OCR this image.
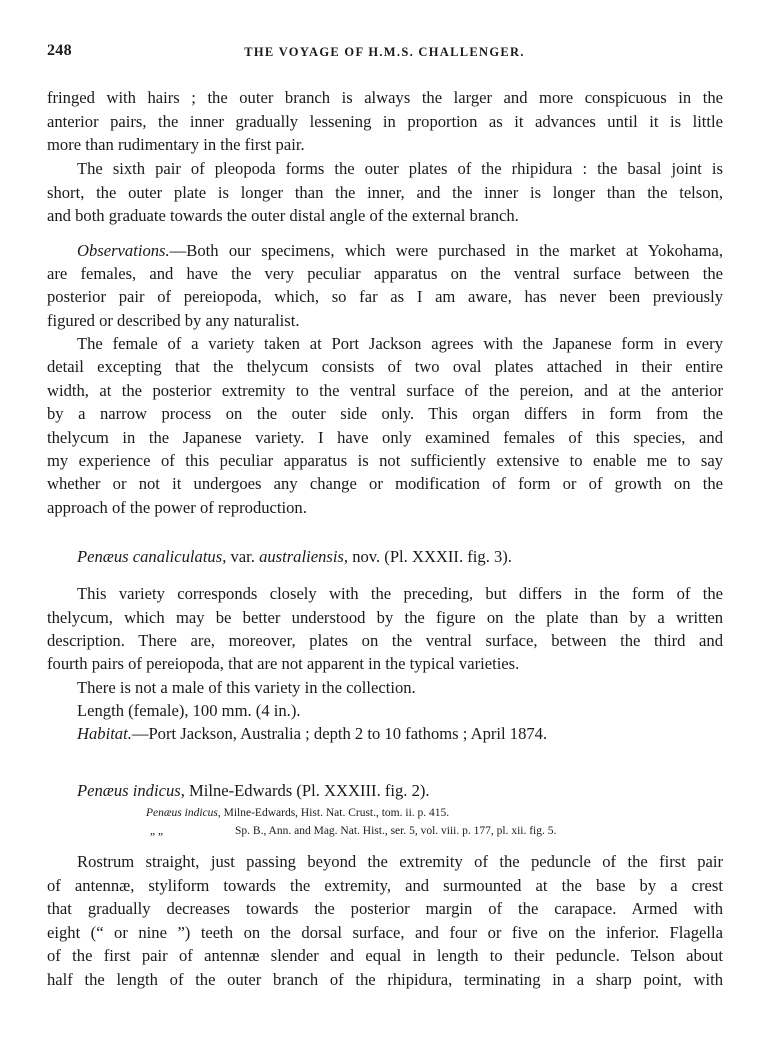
248	THE VOYAGE OF H.M.S. CHALLENGER.
fringed with hairs ; the outer branch is always the larger and more conspicuous in the
anterior pairs, the inner gradually lessening in proportion as it advances until it is little
more than rudimentary in the first pair.
The sixth pair of pleopoda forms the outer plates of the rhipidura : the basal joint is
short, the outer plate is longer than the inner, and the inner is longer than the telson,
and both graduate towards the outer distal angle of the external branch.
Observations.—Both our specimens, which were purchased in the market at Yokohama,
are females, and have the very peculiar apparatus on the ventral surface between the
posterior pair of pereiopoda, which, so far as I am aware, has never been previously
figured or described by any naturalist.
The female of a variety taken at Port Jackson agrees with the Japanese form in every
detail excepting that the thelycum consists of two oval plates attached in their entire
width, at the posterior extremity to the ventral surface of the pereion, and at the anterior
by a narrow process on the outer side only. This organ differs in form from the
thelycum in the Japanese variety. I have only examined females of this species, and
my experience of this peculiar apparatus is not sufficiently extensive to enable me to say
whether or not it undergoes any change or modification of form or of growth on the
approach of the power of reproduction.
Penæus canaliculatus, var. australiensis, nov. (Pl. XXXII. fig. 3).
This variety corresponds closely with the preceding, but differs in the form of the
thelycum, which may be better understood by the figure on the plate than by a written
description. There are, moreover, plates on the ventral surface, between the third and
fourth pairs of pereiopoda, that are not apparent in the typical varieties.
There is not a male of this variety in the collection.
Length (female), 100 mm. (4 in.).
Habitat.—Port Jackson, Australia ; depth 2 to 10 fathoms ; April 1874.
Penæus indicus, Milne-Edwards (Pl. XXXIII. fig. 2).
Penæus indicus, Milne-Edwards, Hist. Nat. Crust., tom. ii. p. 415.
„ „	Sp. B., Ann. and Mag. Nat. Hist., ser. 5, vol. viii. p. 177, pl. xii. fig. 5.
Rostrum straight, just passing beyond the extremity of the peduncle of the first pair
of antennæ, styliform towards the extremity, and surmounted at the base by a crest
that gradually decreases towards the posterior margin of the carapace. Armed with
eight (“ or nine ”) teeth on the dorsal surface, and four or five on the inferior. Flagella
of the first pair of antennæ slender and equal in length to their peduncle. Telson about
half the length of the outer branch of the rhipidura, terminating in a sharp point, with
